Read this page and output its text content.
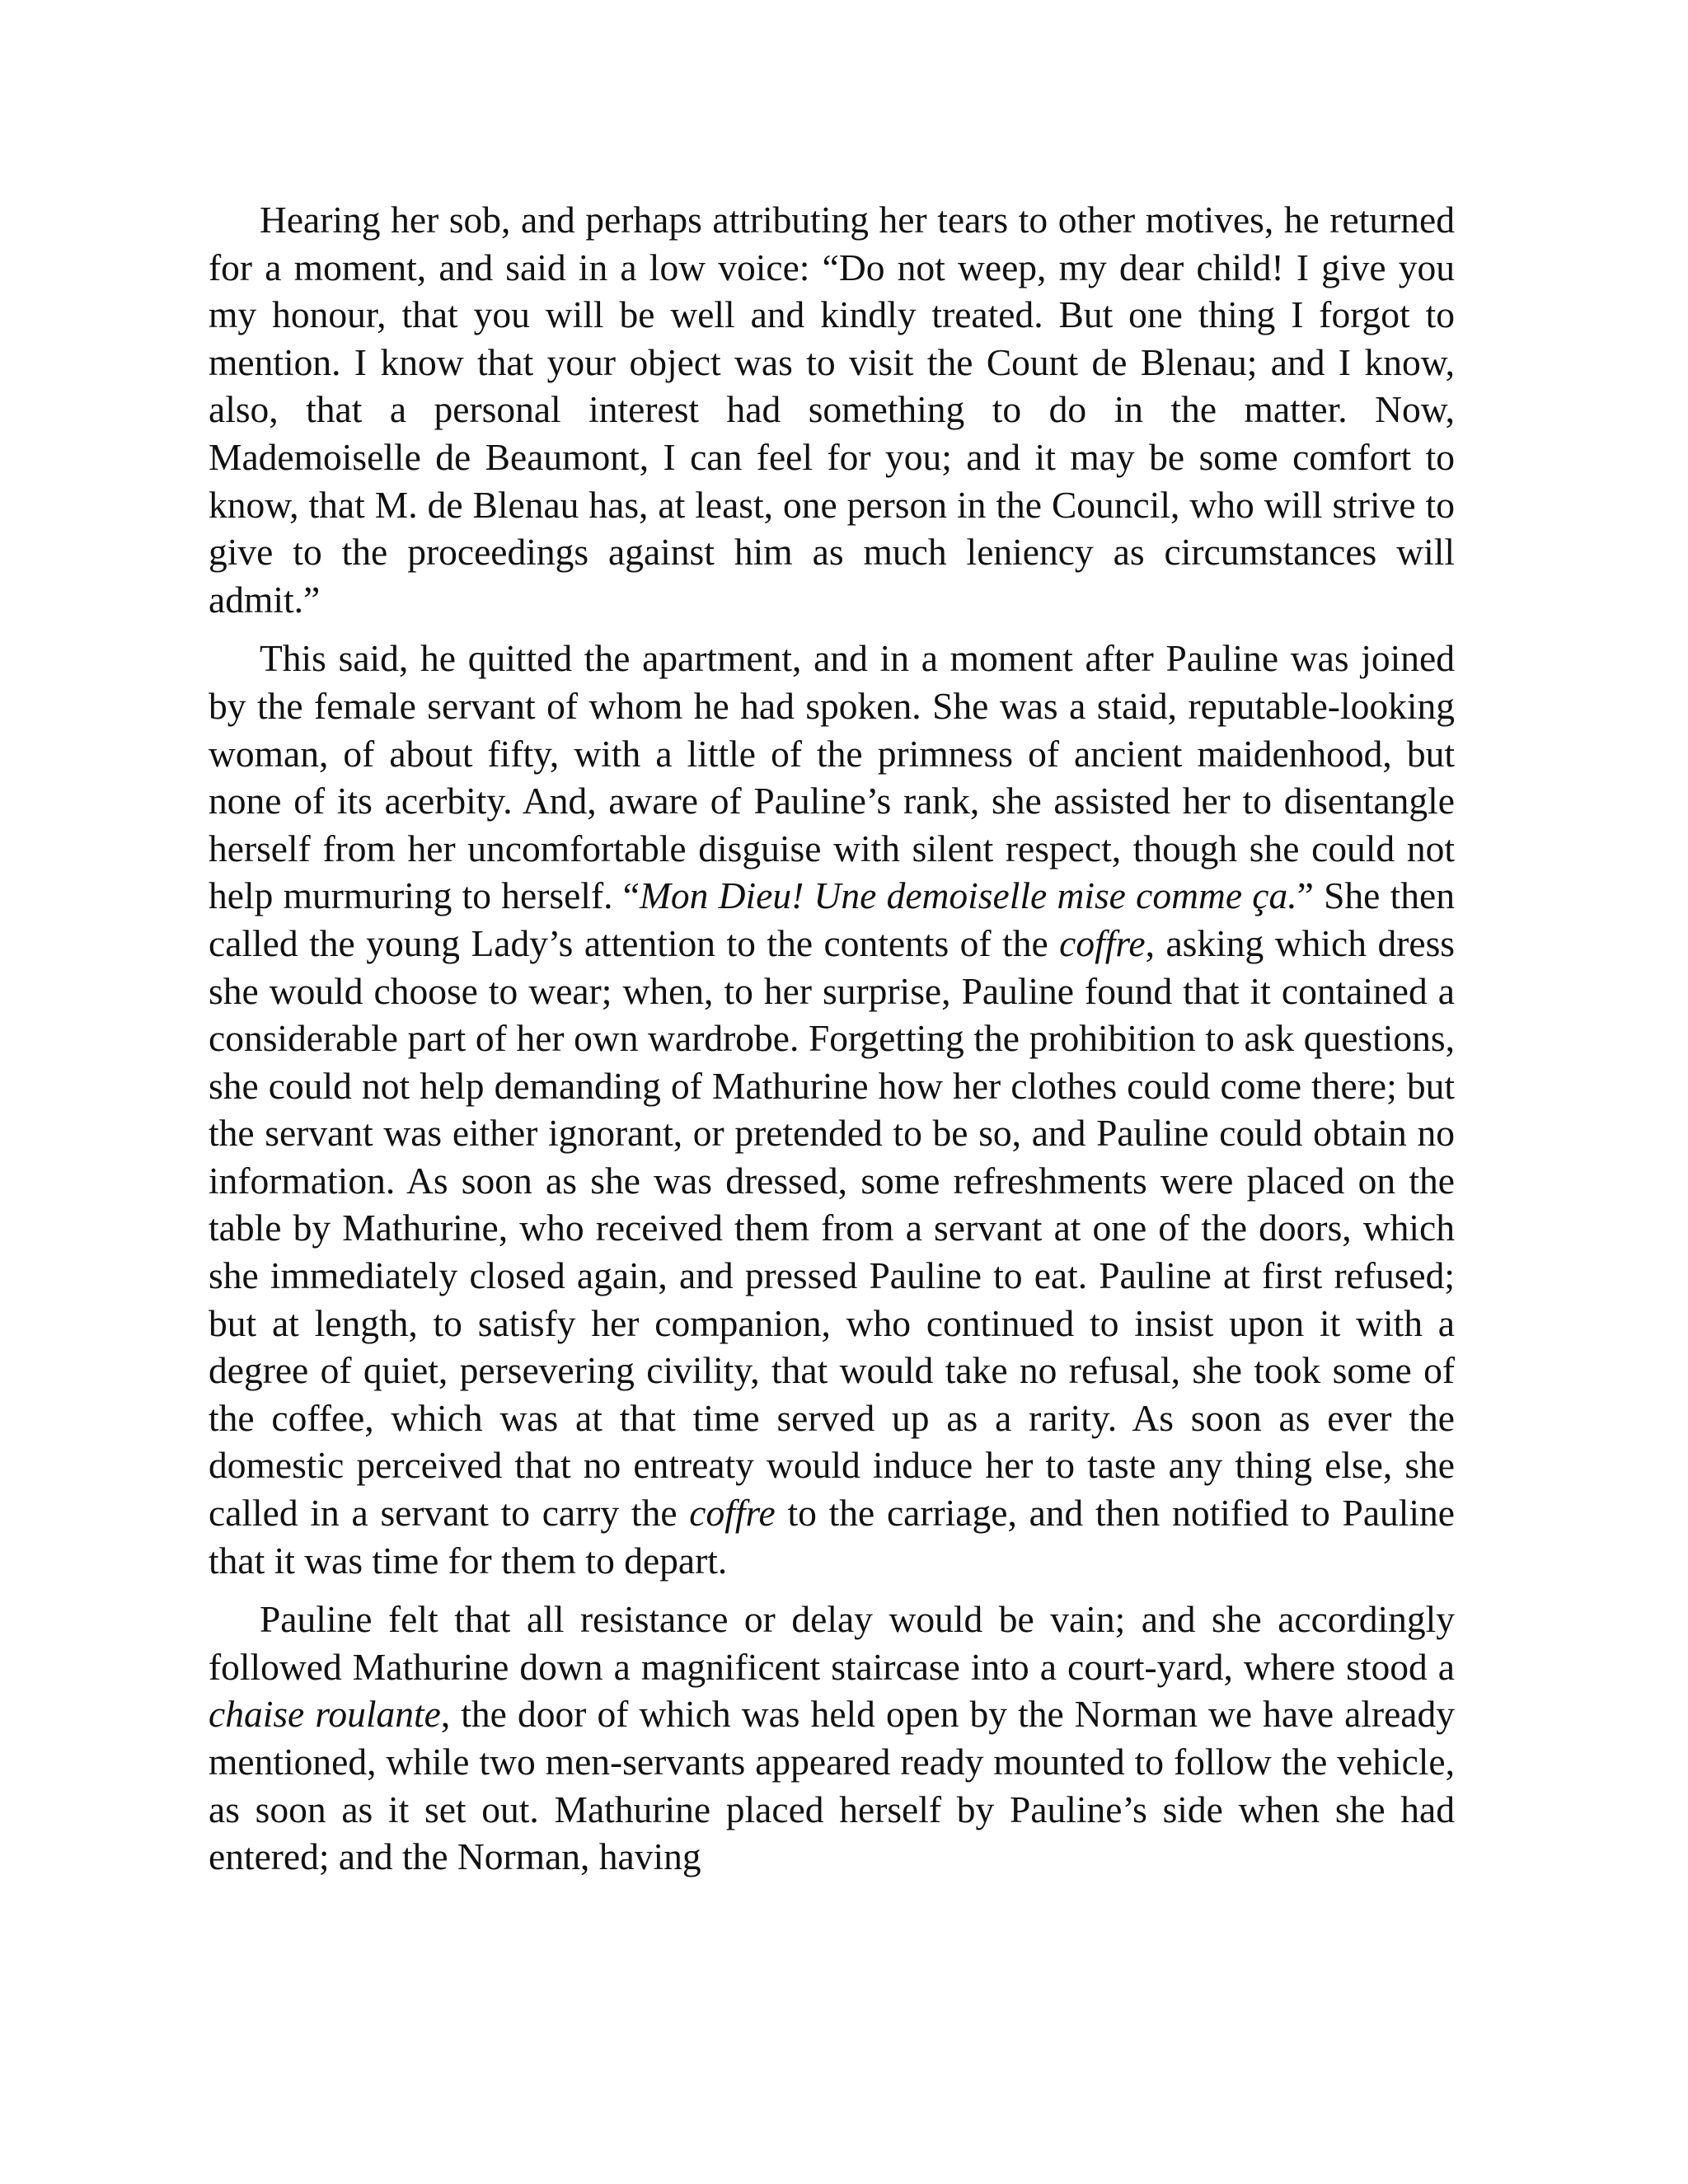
Hearing her sob, and perhaps attributing her tears to other motives, he returned for a moment, and said in a low voice: “Do not weep, my dear child! I give you my honour, that you will be well and kindly treated. But one thing I forgot to mention. I know that your object was to visit the Count de Blenau; and I know, also, that a personal interest had something to do in the matter. Now, Mademoiselle de Beaumont, I can feel for you; and it may be some comfort to know, that M. de Blenau has, at least, one person in the Council, who will strive to give to the proceedings against him as much leniency as circumstances will admit.”

This said, he quitted the apartment, and in a moment after Pauline was joined by the female servant of whom he had spoken. She was a staid, reputable-looking woman, of about fifty, with a little of the primness of ancient maidenhood, but none of its acerbity. And, aware of Pauline’s rank, she assisted her to disentangle herself from her uncomfortable disguise with silent respect, though she could not help murmuring to herself. “Mon Dieu! Une demoiselle mise comme ça.” She then called the young Lady’s attention to the contents of the coffre, asking which dress she would choose to wear; when, to her surprise, Pauline found that it contained a considerable part of her own wardrobe. Forgetting the prohibition to ask questions, she could not help demanding of Mathurine how her clothes could come there; but the servant was either ignorant, or pretended to be so, and Pauline could obtain no information. As soon as she was dressed, some refreshments were placed on the table by Mathurine, who received them from a servant at one of the doors, which she immediately closed again, and pressed Pauline to eat. Pauline at first refused; but at length, to satisfy her companion, who continued to insist upon it with a degree of quiet, persevering civility, that would take no refusal, she took some of the coffee, which was at that time served up as a rarity. As soon as ever the domestic perceived that no entreaty would induce her to taste any thing else, she called in a servant to carry the coffre to the carriage, and then notified to Pauline that it was time for them to depart.

Pauline felt that all resistance or delay would be vain; and she accordingly followed Mathurine down a magnificent staircase into a court-yard, where stood a chaise roulante, the door of which was held open by the Norman we have already mentioned, while two men-servants appeared ready mounted to follow the vehicle, as soon as it set out. Mathurine placed herself by Pauline’s side when she had entered; and the Norman, having
